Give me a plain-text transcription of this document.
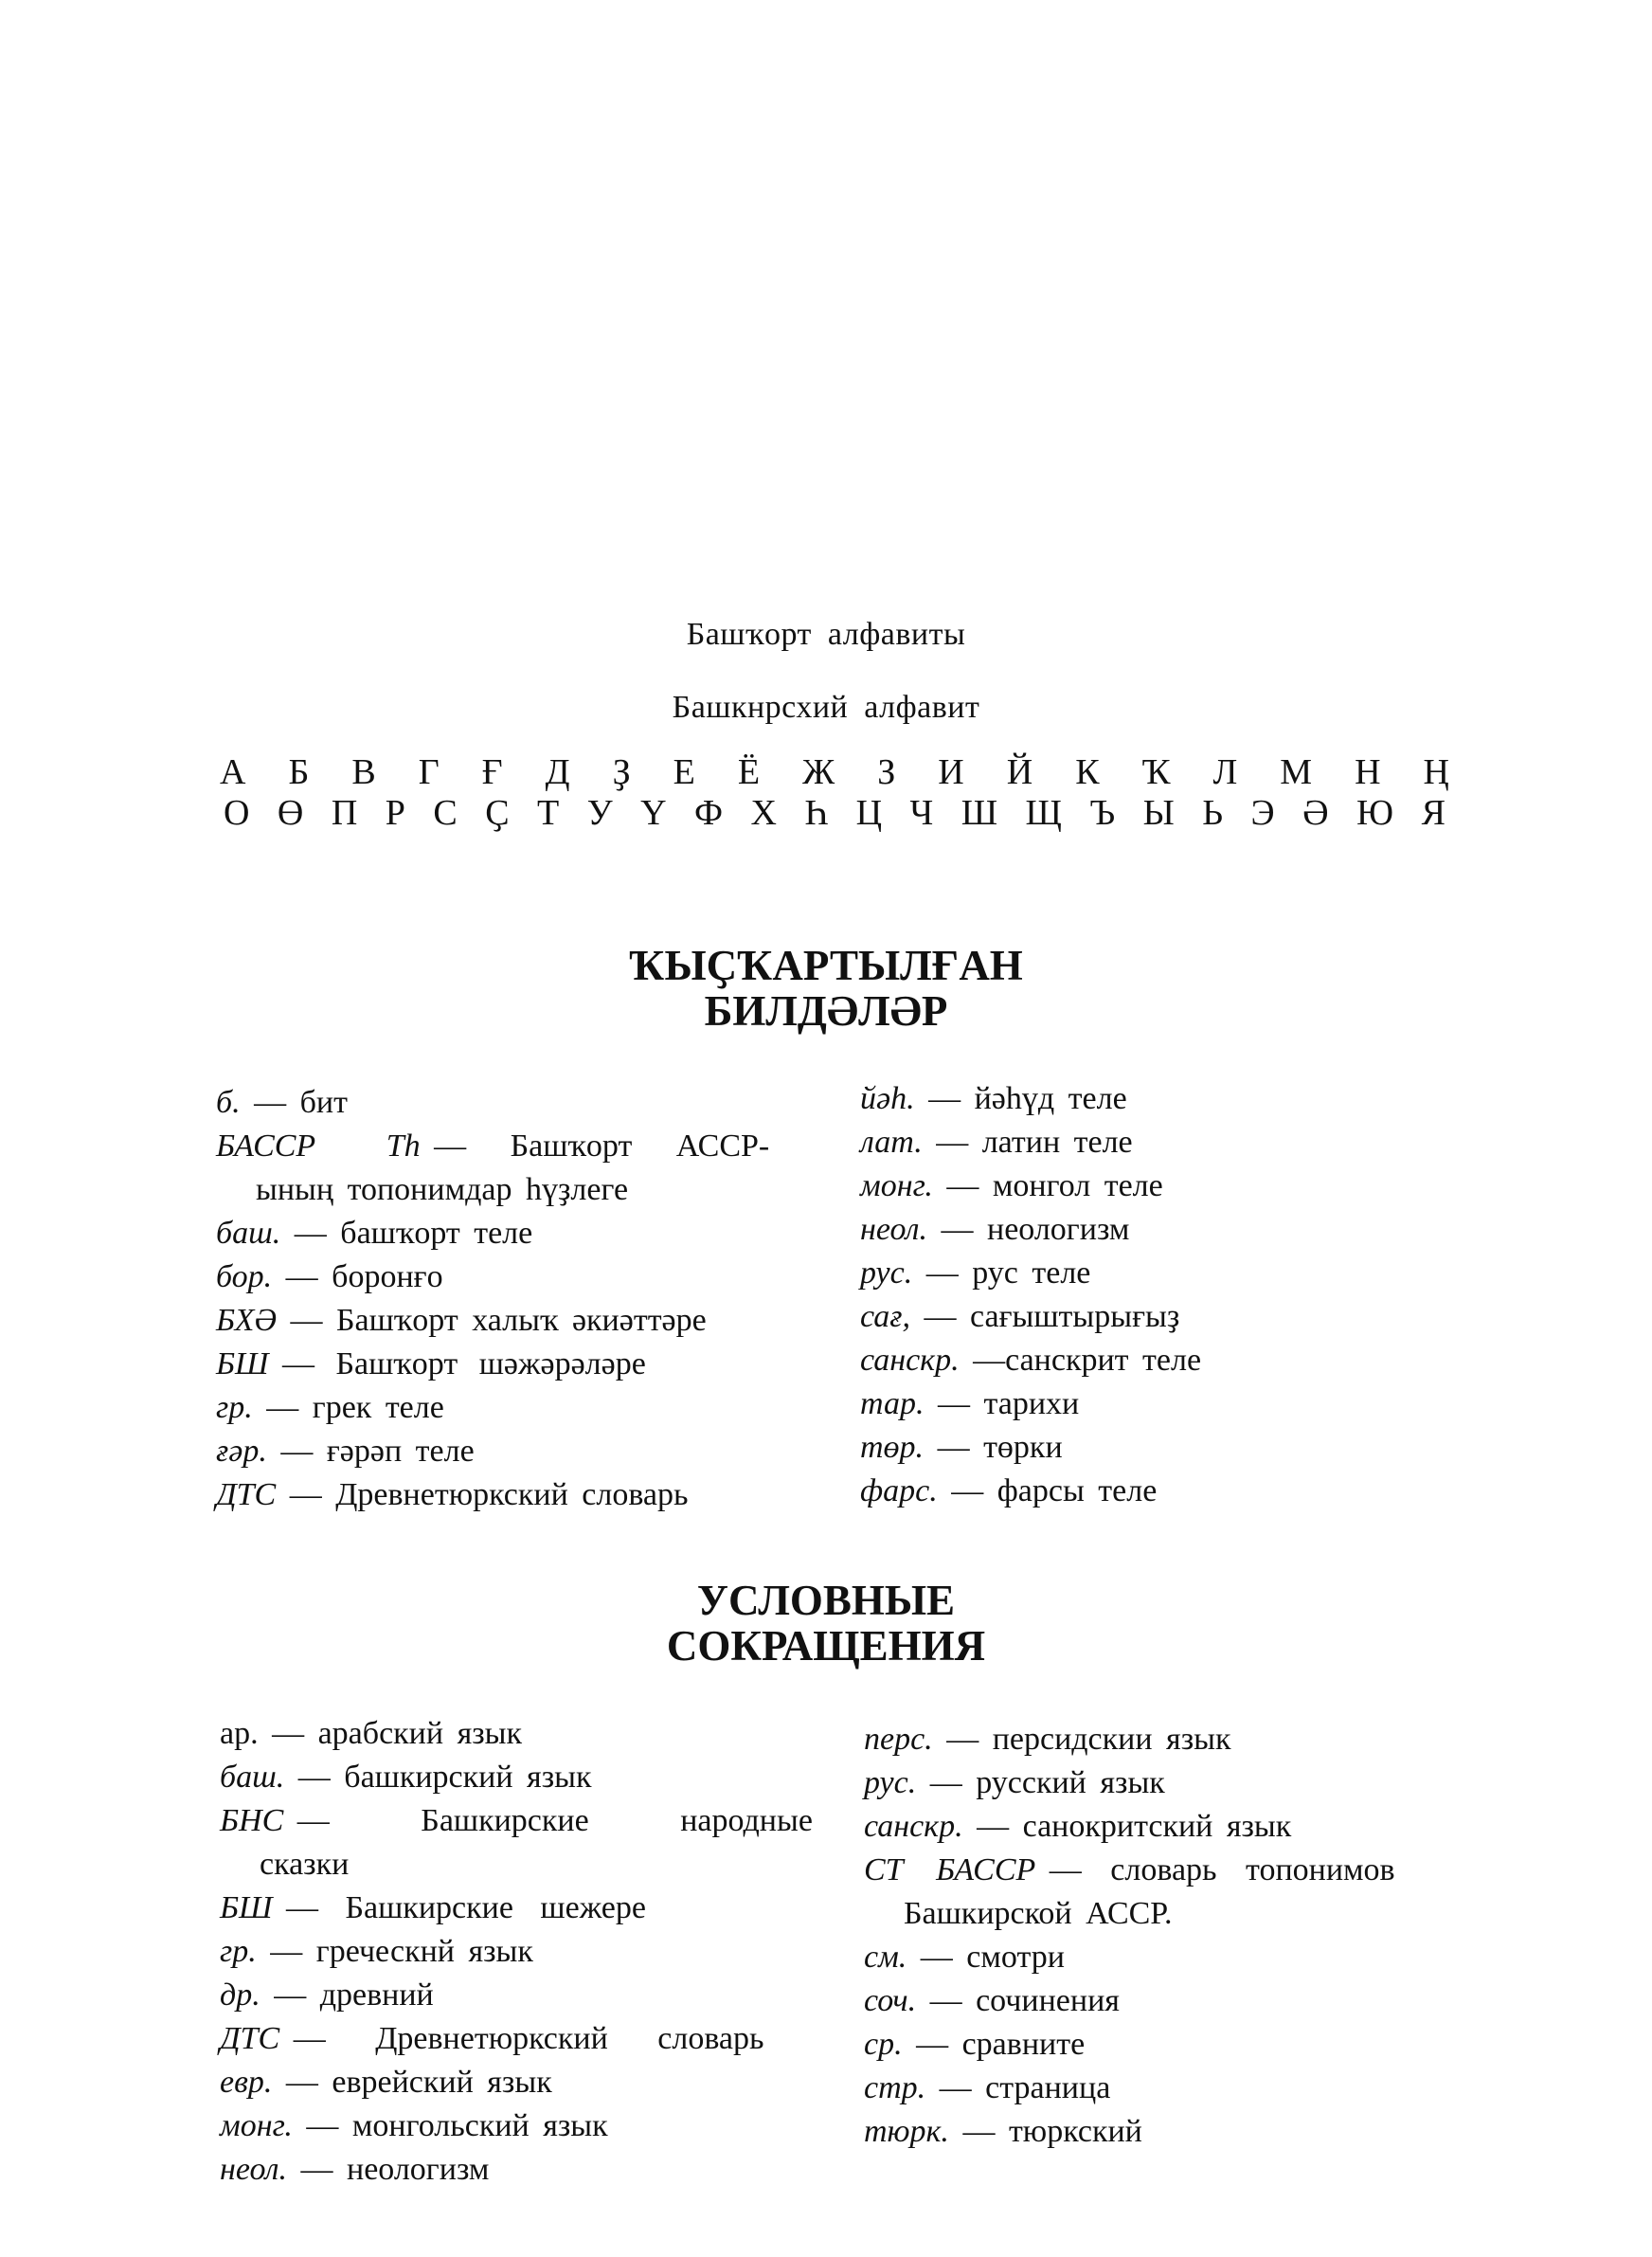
Башҡорт алфавиты
Башкнрсхий алфавит
А Б В Г Ғ Д Ҙ Е Ё Ж З И Й К Ҡ Л М Н Ң
О Ө П Р С Ҫ Т У Ү Ф Х Һ Ц Ч Ш Щ Ъ Ы Ь Э Ә Ю Я
ҠЫҪҠАРТЫЛҒАН
БИЛДӘЛӘР
б. — бит
БАССР Th — Башҡорт АССР-
ының топонимдар һүҙлеге
баш. — башҡорт теле
бор. — боронғо
БХӘ — Башҡорт халыҡ әкиәттәре
БШ — Башҡорт шәжәрәләре
гр. — грек теле
ғәр. — ғәрәп теле
ДТС — Древнетюркский словарь
йәһ. — йәһүд теле
лат. — латин теле
монг. — монгол теле
неол. — неологизм
рус. — рус теле
сағ, — сағыштырығыҙ
санскр. —санскрит теле
тар. — тарихи
төр. — төрки
фарс. — фарсы теле
УСЛОВНЫЕ
СОКРАЩЕНИЯ
ар. — арабский язык
баш. — башкирский язык
БНС — Башкирские народные
сказки
БШ — Башкирские шежере
гр. — греческнй язык
др. — древний
ДТС — Древнетюркский словарь
евр. — еврейский язык
монг. — монгольский язык
неол. — неологизм
перс. — персидскии язык
рус. — русский язык
санскр. — санокритский язык
СТ БАССР — словарь топонимов
Башкирской АССР.
см. — смотри
соч. — сочинения
ср. — сравните
стр. — страница
тюрк. — тюркский
